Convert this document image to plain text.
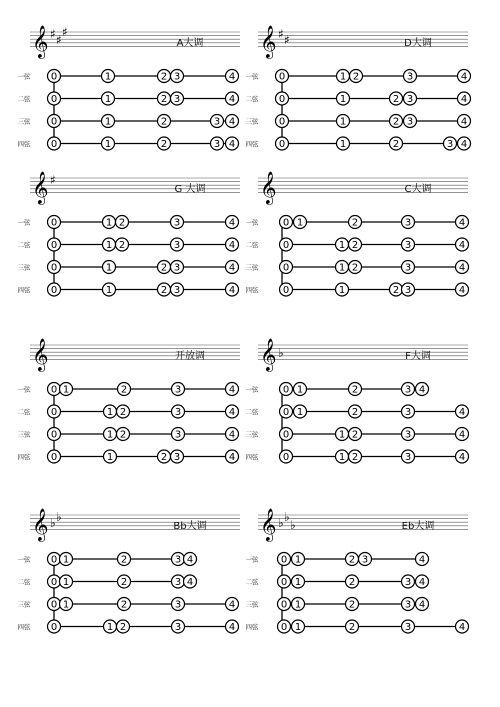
𝄞 ♯ ♯
♯
A大调
一弦 0	1	2 3	4
二弦 0	1	2 3	4
三弦 0	1	2	3 4
四弦 0	1	2	3 4
𝄞 ♯ ♯	D大调
一弦 0	1 2	3	4
二弦 0	1	2 3	4
三弦 0	1	2 3	4
四弦 0	1	2	3 4
𝄞 ♯
G 大调
一弦 0	1 2	3	4
二弦 0	1 2	3	4
三弦 0	1	2 3	4
四弦 0	1	2 3	4
𝄞	C大调
一弦 0 1	2	3	4
二弦 0	1 2	3	4
三弦 0	1 2	3	4
四弦 0	1	2 3	4
𝄞	开放调
一弦 0 1	2	3	4
二弦 0	1 2	3	4
三弦 0	1 2	3	4
四弦 0	1	2 3	4
𝄞 ♭	F大调
一弦 0 1	2	3 4
二弦 0 1	2	3	4
三弦 0	1 2	3	4
四弦 0	1 2	3	4
𝄞 ♭ ♭
Bb大调
一弦 0 1	2	3 4
二弦 0 1	2	3 4
三弦 0 1	2	3	4
四弦 0	1 2	3	4
𝄞 ♭ ♭
♭	Eb大调
一弦 0 1	2 3	4
二弦 0 1	2	3 4
三弦 0 1	2	3 4
四弦 0 1	2	3	4
